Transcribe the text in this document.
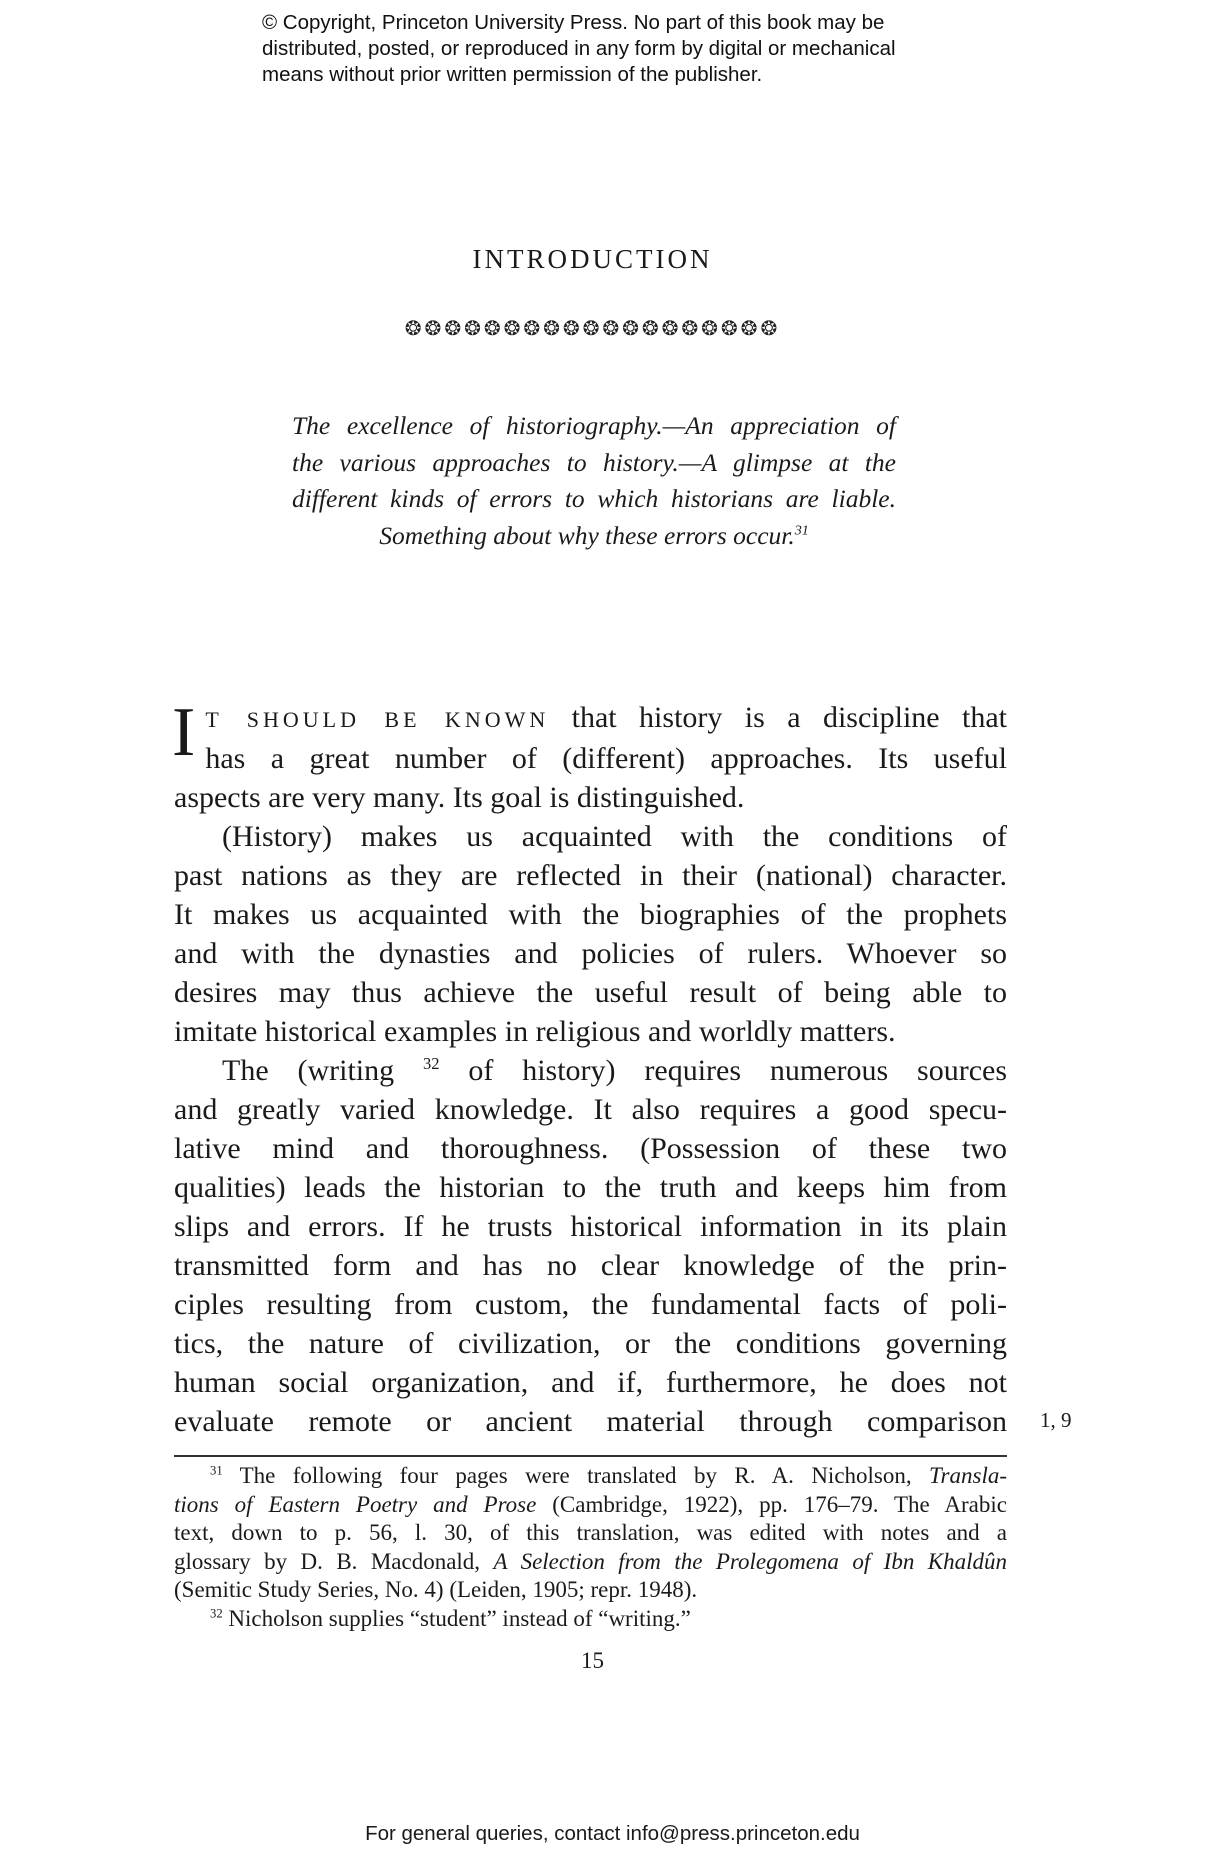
© Copyright, Princeton University Press. No part of this book may be
distributed, posted, or reproduced in any form by digital or mechanical
means without prior written permission of the publisher.
INTRODUCTION
❂❂❂❂❂❂❂❂❂❂❂❂❂❂❂❂❂❂❂
The excellence of historiography.—An appreciation of
the various approaches to history.—A glimpse at the
different kinds of errors to which historians are liable.
Something about why these errors occur.$^{31}$
I T SHOULD BE KNOWN that history is a discipline that
has a great number of (different) approaches. Its useful
aspects are very many. Its goal is distinguished.
(History) makes us acquainted with the conditions of
past nations as they are reflected in their (national) character.
It makes us acquainted with the biographies of the prophets
and with the dynasties and policies of rulers. Whoever so
desires may thus achieve the useful result of being able to
imitate historical examples in religious and worldly matters.
The (writing $^{32}$ of history) requires numerous sources
and greatly varied knowledge. It also requires a good specu-
lative mind and thoroughness. (Possession of these two
qualities) leads the historian to the truth and keeps him from
slips and errors. If he trusts historical information in its plain
transmitted form and has no clear knowledge of the prin-
ciples resulting from custom, the fundamental facts of poli-
tics, the nature of civilization, or the conditions governing
human social organization, and if, furthermore, he does not
evaluate remote or ancient material through comparison 1, 9
$^{31}$ The following four pages were translated by R. A. Nicholson, Transla-
tions of Eastern Poetry and Prose (Cambridge, 1922), pp. 176–79. The Arabic
text, down to p. 56, l. 30, of this translation, was edited with notes and a
glossary by D. B. Macdonald, A Selection from the Prolegomena of Ibn Khaldûn
(Semitic Study Series, No. 4) (Leiden, 1905; repr. 1948).
$^{32}$ Nicholson supplies “student” instead of “writing.”
15
For general queries, contact info@press.princeton.edu
